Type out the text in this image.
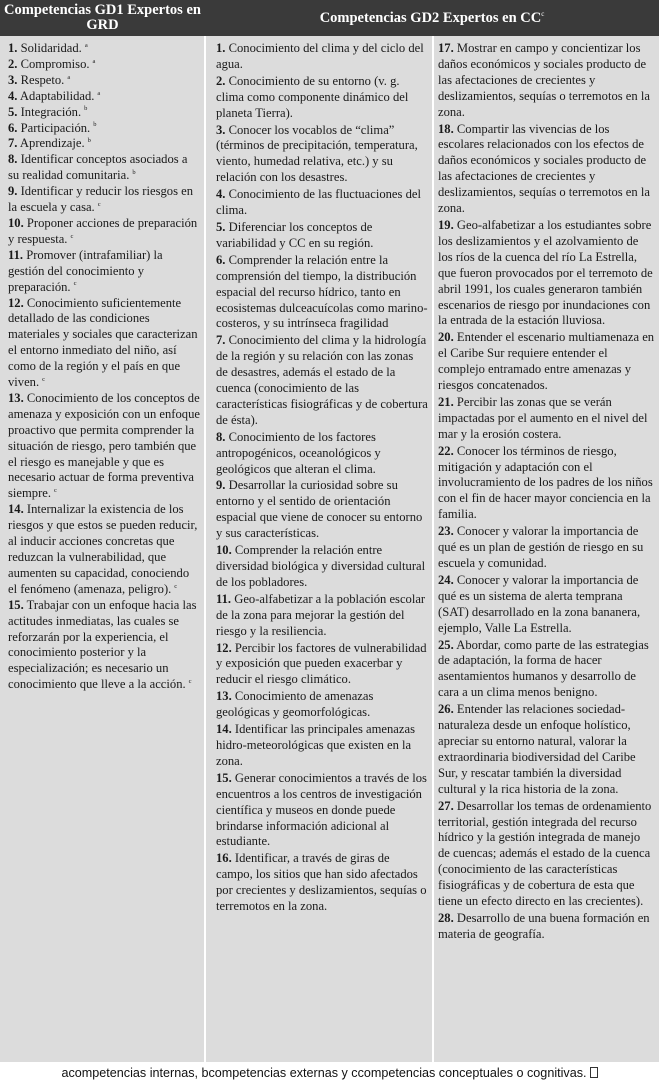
Competencias GD1 Expertos en GRD	Competencias GD2 Expertos en $CC^c$
1. Solidaridad. $^a$
2. Compromiso. $^a$
3. Respeto. $^a$
4. Adaptabilidad. $^a$
5. Integración. $^b$
6. Participación. $^b$
7. Aprendizaje. $^b$
8. Identificar conceptos asociados a su realidad comunitaria. $^b$
9. Identificar y reducir los riesgos en la escuela y casa. $^c$
10. Proponer acciones de preparación y respuesta. $^c$
11. Promover (intrafamiliar) la gestión del conocimiento y preparación. $^c$
12. Conocimiento suficientemente detallado de las condiciones materiales y sociales que caracterizan el entorno inmediato del niño, así como de la región y el país en que viven. $^c$
13. Conocimiento de los conceptos de amenaza y exposición con un enfoque proactivo que permita comprender la situación de riesgo, pero también que el riesgo es manejable y que es necesario actuar de forma preventiva siempre. $^c$
14. Internalizar la existencia de los riesgos y que estos se pueden reducir, al inducir acciones concretas que reduzcan la vulnerabilidad, que aumenten su capacidad, conociendo el fenómeno (amenaza, peligro). $^c$
15. Trabajar con un enfoque hacia las actitudes inmediatas, las cuales se reforzarán por la experiencia, el conocimiento posterior y la especialización; es necesario un conocimiento que lleve a la acción. $^c$
1. Conocimiento del clima y del ciclo del agua.
2. Conocimiento de su entorno (v. g. clima como componente dinámico del planeta Tierra).
3. Conocer los vocablos de “clima” (términos de precipitación, temperatura, viento, humedad relativa, etc.) y su relación con los desastres.
4. Conocimiento de las fluctuaciones del clima.
5. Diferenciar los conceptos de variabilidad y CC en su región.
6. Comprender la relación entre la comprensión del tiempo, la distribución espacial del recurso hídrico, tanto en ecosistemas dulceacuícolas como marino-costeros, y su intrínseca fragilidad
7. Conocimiento del clima y la hidrología de la región y su relación con las zonas de desastres, además el estado de la cuenca (conocimiento de las características fisiográficas y de cobertura de ésta).
8. Conocimiento de los factores antropogénicos, oceanológicos y geológicos que alteran el clima.
9. Desarrollar la curiosidad sobre su entorno y el sentido de orientación espacial que viene de conocer su entorno y sus características.
10. Comprender la relación entre diversidad biológica y diversidad cultural de los pobladores.
11. Geo-alfabetizar a la población escolar de la zona para mejorar la gestión del riesgo y la resiliencia.
12. Percibir los factores de vulnerabilidad y exposición que pueden exacerbar y reducir el riesgo climático.
13. Conocimiento de amenazas geológicas y geomorfológicas.
14. Identificar las principales amenazas hidro-meteorológicas que existen en la zona.
15. Generar conocimientos a través de los encuentros a los centros de investigación científica y museos en donde puede brindarse información adicional al estudiante.
16. Identificar, a través de giras de campo, los sitios que han sido afectados por crecientes y deslizamientos, sequías o terremotos en la zona.
17. Mostrar en campo y concientizar los daños económicos y sociales producto de las afectaciones de crecientes y deslizamientos, sequías o terremotos en la zona.
18. Compartir las vivencias de los escolares relacionados con los efectos de daños económicos y sociales producto de las afectaciones de crecientes y deslizamientos, sequías o terremotos en la zona.
19. Geo-alfabetizar a los estudiantes sobre los deslizamientos y el azolvamiento de los ríos de la cuenca del río La Estrella, que fueron provocados por el terremoto de abril 1991, los cuales generaron también escenarios de riesgo por inundaciones con la entrada de la estación lluviosa.
20. Entender el escenario multiamenaza en el Caribe Sur requiere entender el complejo entramado entre amenazas y riesgos concatenados.
21. Percibir las zonas que se verán impactadas por el aumento en el nivel del mar y la erosión costera.
22. Conocer los términos de riesgo, mitigación y adaptación con el involucramiento de los padres de los niños con el fin de hacer mayor conciencia en la familia.
23. Conocer y valorar la importancia de qué es un plan de gestión de riesgo en su escuela y comunidad.
24. Conocer y valorar la importancia de qué es un sistema de alerta temprana (SAT) desarrollado en la zona bananera, ejemplo, Valle La Estrella.
25. Abordar, como parte de las estrategias de adaptación, la forma de hacer asentamientos humanos y desarrollo de cara a un clima menos benigno.
26. Entender las relaciones sociedad-naturaleza desde un enfoque holístico, apreciar su entorno natural, valorar la extraordinaria biodiversidad del Caribe Sur, y rescatar también la diversidad cultural y la rica historia de la zona.
27. Desarrollar los temas de ordenamiento territorial, gestión integrada del recurso hídrico y la gestión integrada de manejo de cuencas; además el estado de la cuenca (conocimiento de las características fisiográficas y de cobertura de esta que tiene un efecto directo en las crecientes).
28. Desarrollo de una buena formación en materia de geografía.
acompetencias internas, bcompetencias externas y ccompetencias conceptuales o cognitivas.
